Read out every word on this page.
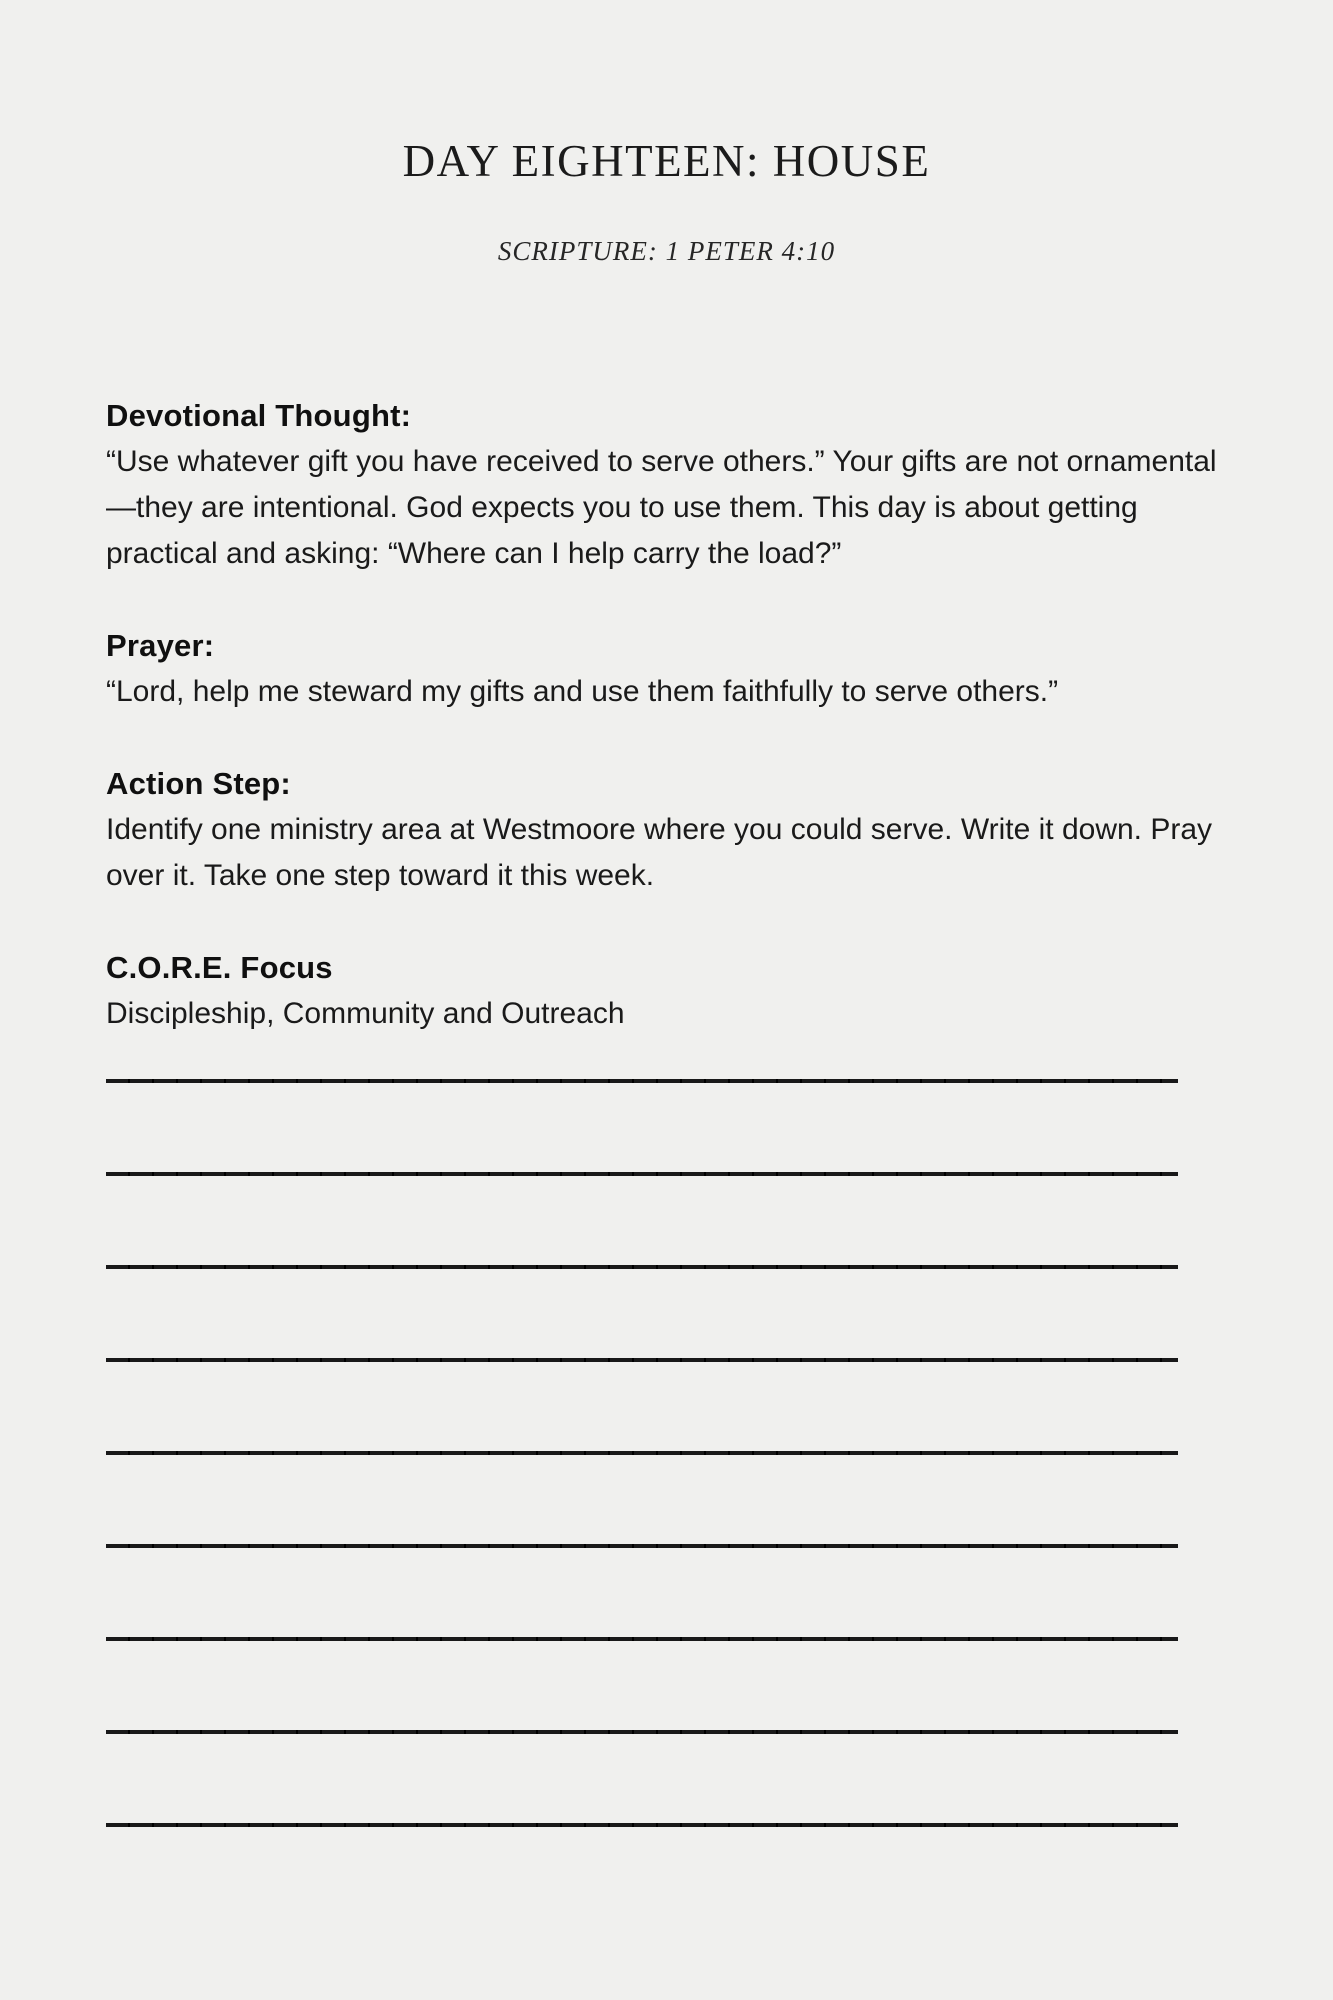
DAY EIGHTEEN: HOUSE
SCRIPTURE: 1 PETER 4:10
Devotional Thought:

“Use whatever gift you have received to serve others.” Your gifts are not ornamental—they are intentional. God expects you to use them. This day is about getting practical and asking: “Where can I help carry the load?”

Prayer:

“Lord, help me steward my gifts and use them faithfully to serve others.”

Action Step:

Identify one ministry area at Westmoore where you could serve. Write it down. Pray over it. Take one step toward it this week.

C.O.R.E. Focus

Discipleship, Community and Outreach
